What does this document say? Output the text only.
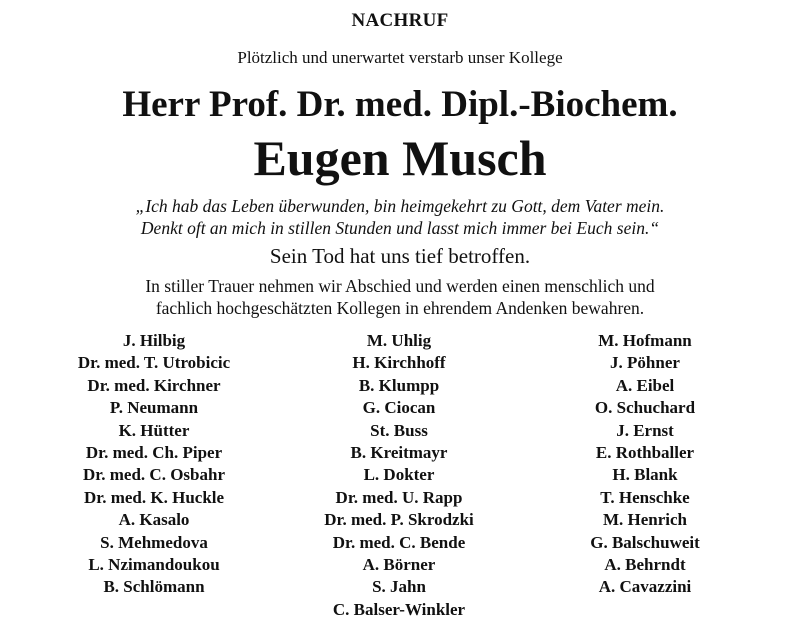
NACHRUF
Plötzlich und unerwartet verstarb unser Kollege
Herr Prof. Dr. med. Dipl.-Biochem.
Eugen Musch
„Ich hab das Leben überwunden, bin heimgekehrt zu Gott, dem Vater mein.
Denkt oft an mich in stillen Stunden und lasst mich immer bei Euch sein.“
Sein Tod hat uns tief betroffen.
In stiller Trauer nehmen wir Abschied und werden einen menschlich und
fachlich hochgeschätzten Kollegen in ehrendem Andenken bewahren.
J. Hilbig
Dr. med. T. Utrobicic
Dr. med. Kirchner
P. Neumann
K. Hütter
Dr. med. Ch. Piper
Dr. med. C. Osbahr
Dr. med. K. Huckle
A. Kasalo
S. Mehmedova
L. Nzimandoukou
B. Schlömann
M. Uhlig
H. Kirchhoff
B. Klumpp
G. Ciocan
St. Buss
B. Kreitmayr
L. Dokter
Dr. med. U. Rapp
Dr. med. P. Skrodzki
Dr. med. C. Bende
A. Börner
S. Jahn
C. Balser-Winkler
M. Hofmann
J. Pöhner
A. Eibel
O. Schuchard
J. Ernst
E. Rothballer
H. Blank
T. Henschke
M. Henrich
G. Balschuweit
A. Behrndt
A. Cavazzini
